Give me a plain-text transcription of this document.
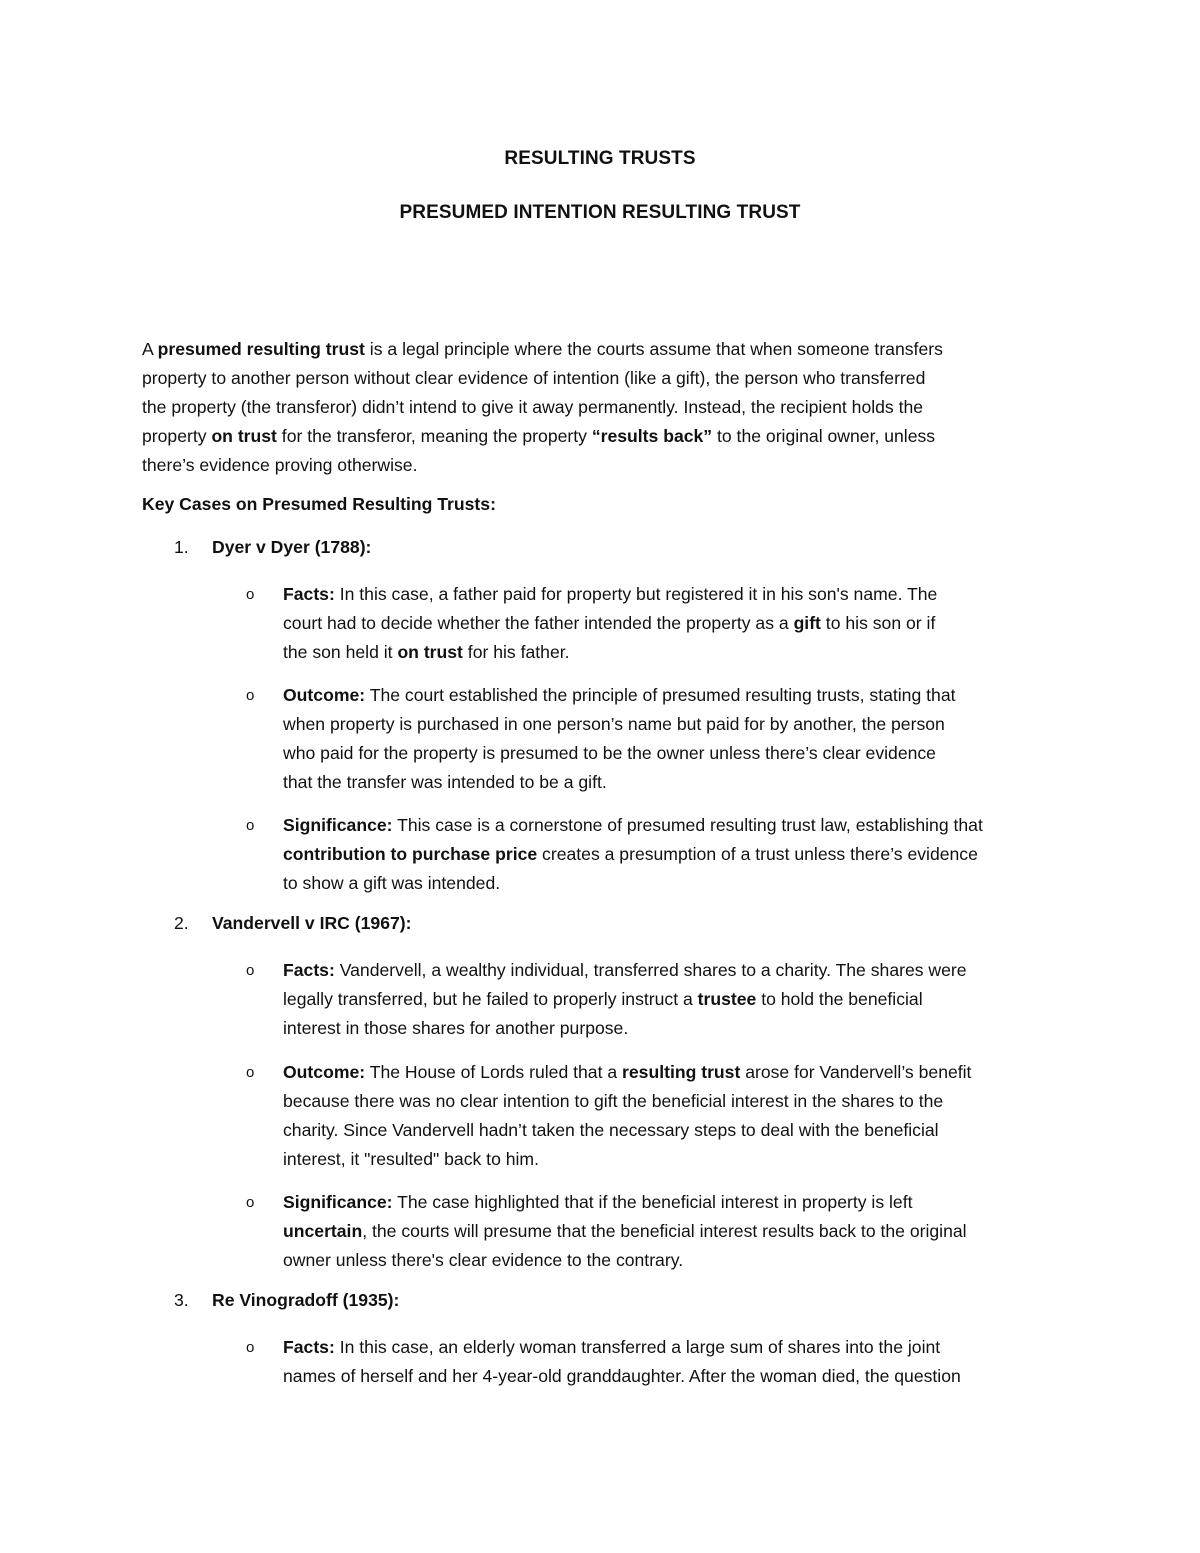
RESULTING TRUSTS
PRESUMED INTENTION RESULTING TRUST
A presumed resulting trust is a legal principle where the courts assume that when someone transfers
property to another person without clear evidence of intention (like a gift), the person who transferred
the property (the transferor) didn’t intend to give it away permanently. Instead, the recipient holds the
property on trust for the transferor, meaning the property “results back” to the original owner, unless
there’s evidence proving otherwise.
Key Cases on Presumed Resulting Trusts:
1. Dyer v Dyer (1788):
o Facts: In this case, a father paid for property but registered it in his son's name. The
court had to decide whether the father intended the property as a gift to his son or if
the son held it on trust for his father.
o Outcome: The court established the principle of presumed resulting trusts, stating that
when property is purchased in one person’s name but paid for by another, the person
who paid for the property is presumed to be the owner unless there’s clear evidence
that the transfer was intended to be a gift.
o Significance: This case is a cornerstone of presumed resulting trust law, establishing that
contribution to purchase price creates a presumption of a trust unless there’s evidence
to show a gift was intended.
2. Vandervell v IRC (1967):
o Facts: Vandervell, a wealthy individual, transferred shares to a charity. The shares were
legally transferred, but he failed to properly instruct a trustee to hold the beneficial
interest in those shares for another purpose.
o Outcome: The House of Lords ruled that a resulting trust arose for Vandervell’s benefit
because there was no clear intention to gift the beneficial interest in the shares to the
charity. Since Vandervell hadn’t taken the necessary steps to deal with the beneficial
interest, it "resulted" back to him.
o Significance: The case highlighted that if the beneficial interest in property is left
uncertain, the courts will presume that the beneficial interest results back to the original
owner unless there's clear evidence to the contrary.
3. Re Vinogradoff (1935):
o Facts: In this case, an elderly woman transferred a large sum of shares into the joint
names of herself and her 4-year-old granddaughter. After the woman died, the question
